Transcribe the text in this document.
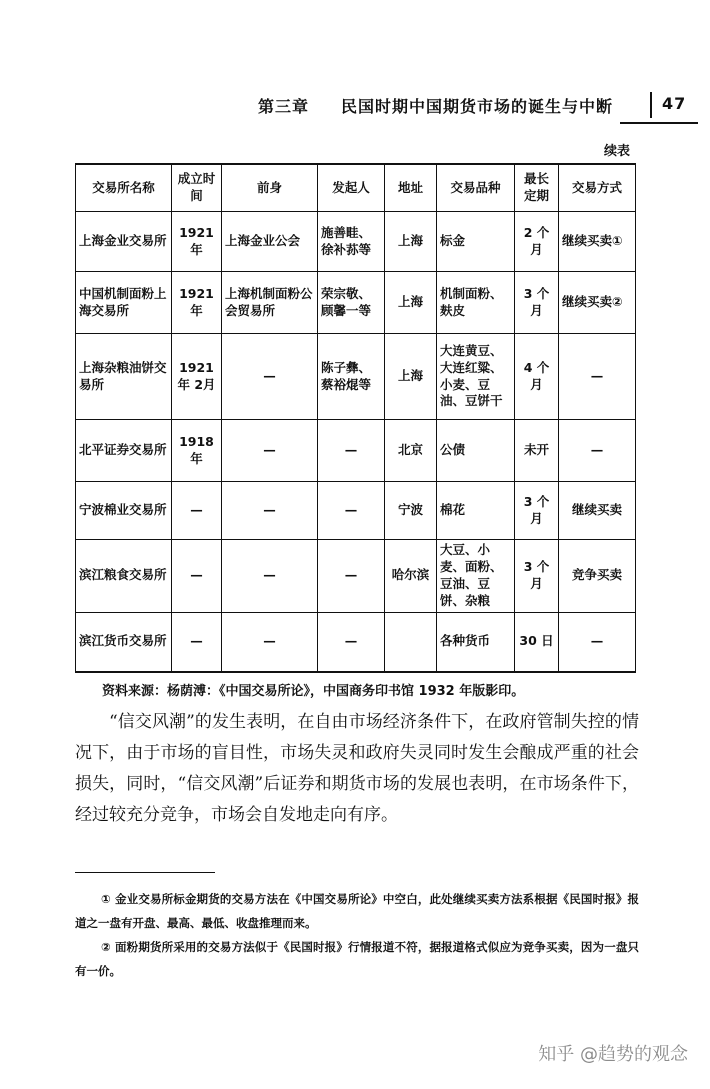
第三章 民国时期中国期货市场的诞生与中断	47
续表
交易所名称	成立时间	前身	发起人	地址	交易品种	最长定期	交易方式
上海金业交易所	1921 年	上海金业公会	施善畦、徐补荪等	上海	标金	2 个月	继续买卖①
中国机制面粉上海交易所	1921 年	上海机制面粉公会贸易所	荣宗敬、顾馨一等	上海	机制面粉、麸皮	3 个月	继续买卖②
上海杂粮油饼交易所	1921 年 2月	—	陈子彝、蔡裕焜等	上海	大连黄豆、大连红粱、小麦、豆油、豆饼干	4 个月	—
北平证券交易所	1918 年	—	—	北京	公债	未开	—
宁波棉业交易所	—	—	—	宁波	棉花	3 个月	继续买卖
滨江粮食交易所	—	—	—	哈尔滨	大豆、小麦、面粉、豆油、豆饼、杂粮	3 个月	竞争买卖
滨江货币交易所	—	—	—		各种货币	30 日	—
资料来源：杨荫溥：《中国交易所论》，中国商务印书馆 1932 年版影印。

“信交风潮”的发生表明，在自由市场经济条件下，在政府管制失控的情况下，由于市场的盲目性，市场失灵和政府失灵同时发生会酿成严重的社会损失，同时，“信交风潮”后证券和期货市场的发展也表明，在市场条件下，经过较充分竞争，市场会自发地走向有序。

① 金业交易所标金期货的交易方法在《中国交易所论》中空白，此处继续买卖方法系根据《民国时报》报道之一盘有开盘、最高、最低、收盘推理而来。

② 面粉期货所采用的交易方法似于《民国时报》行情报道不符，据报道格式似应为竞争买卖，因为一盘只有一价。

知乎 @趋势的观念
